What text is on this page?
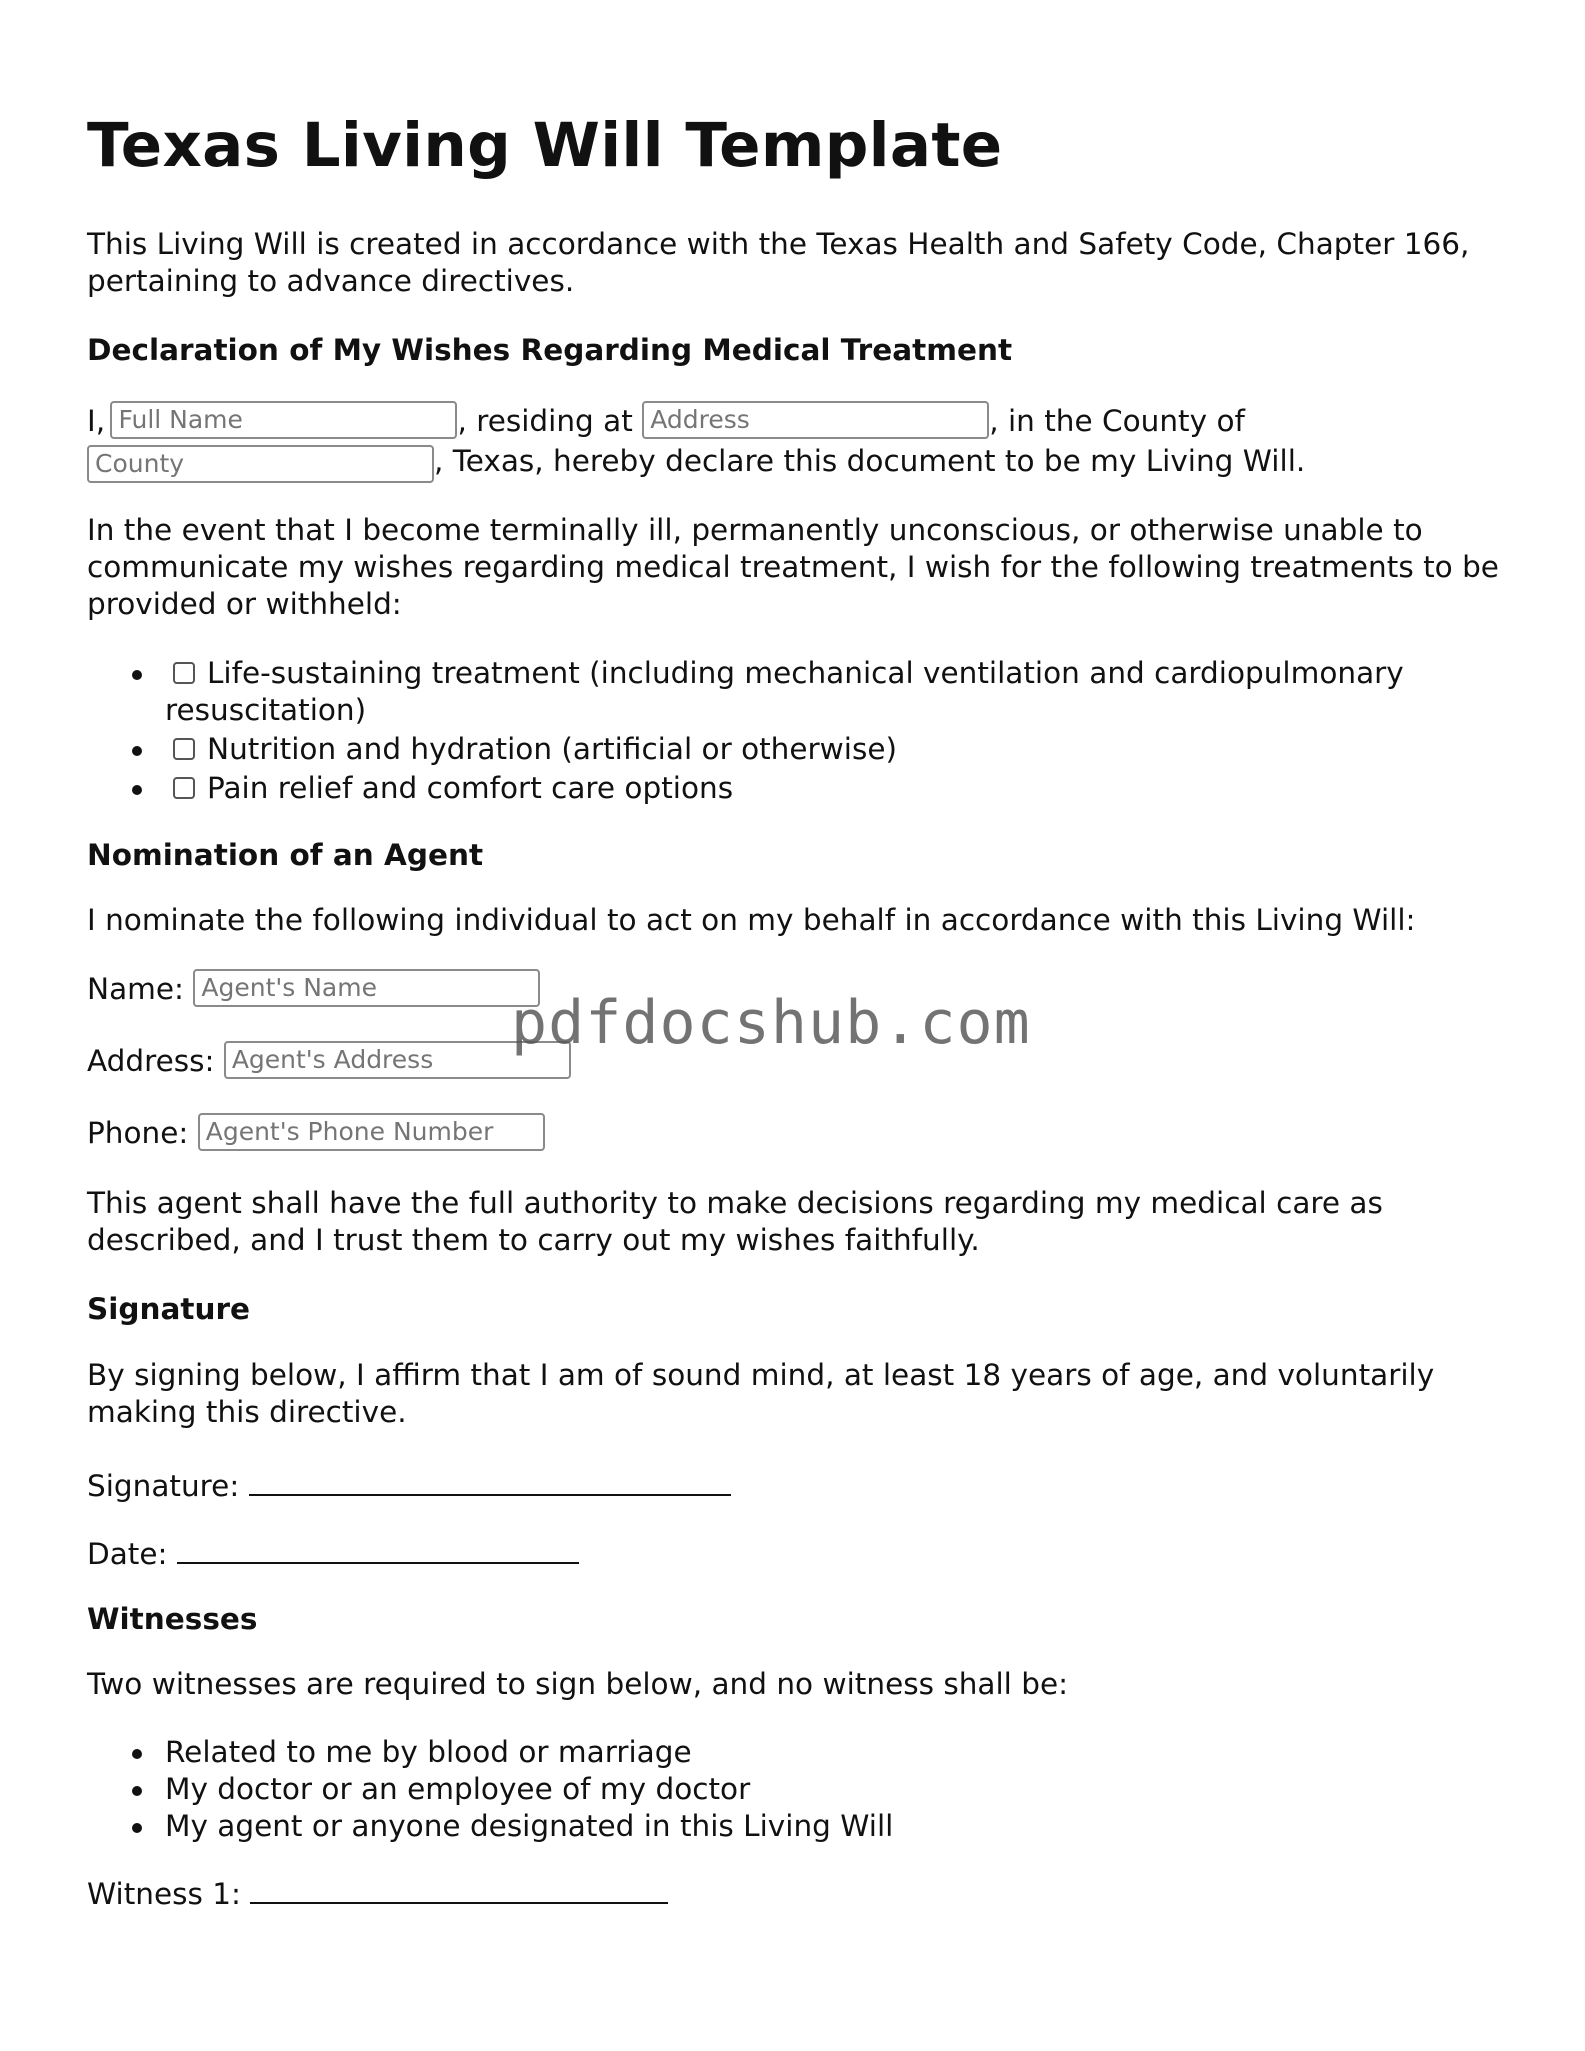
Texas Living Will Template
This Living Will is created in accordance with the Texas Health and Safety Code, Chapter 166, pertaining to advance directives.
Declaration of My Wishes Regarding Medical Treatment
I, Full Name	, residing at Address	, in the County of
County, Texas, hereby declare this document to be my Living Will.
In the event that I become terminally ill, permanently unconscious, or otherwise unable to communicate my wishes regarding medical treatment, I wish for the following treatments to be provided or withheld:
Life-sustaining treatment (including mechanical ventilation and cardiopulmonary resuscitation)
Nutrition and hydration (artificial or otherwise)
Pain relief and comfort care options
Nomination of an Agent
I nominate the following individual to act on my behalf in accordance with this Living Will:
Name: Agent's Name
Address: Agent's Address
Phone: Agent's Phone Number
This agent shall have the full authority to make decisions regarding my medical care as described, and I trust them to carry out my wishes faithfully.
Signature
By signing below, I affirm that I am of sound mind, at least 18 years of age, and voluntarily making this directive.
Signature:
Date:
Witnesses
Two witnesses are required to sign below, and no witness shall be:
Related to me by blood or marriage
My doctor or an employee of my doctor
My agent or anyone designated in this Living Will
Witness 1:
pdfdocshub.com
